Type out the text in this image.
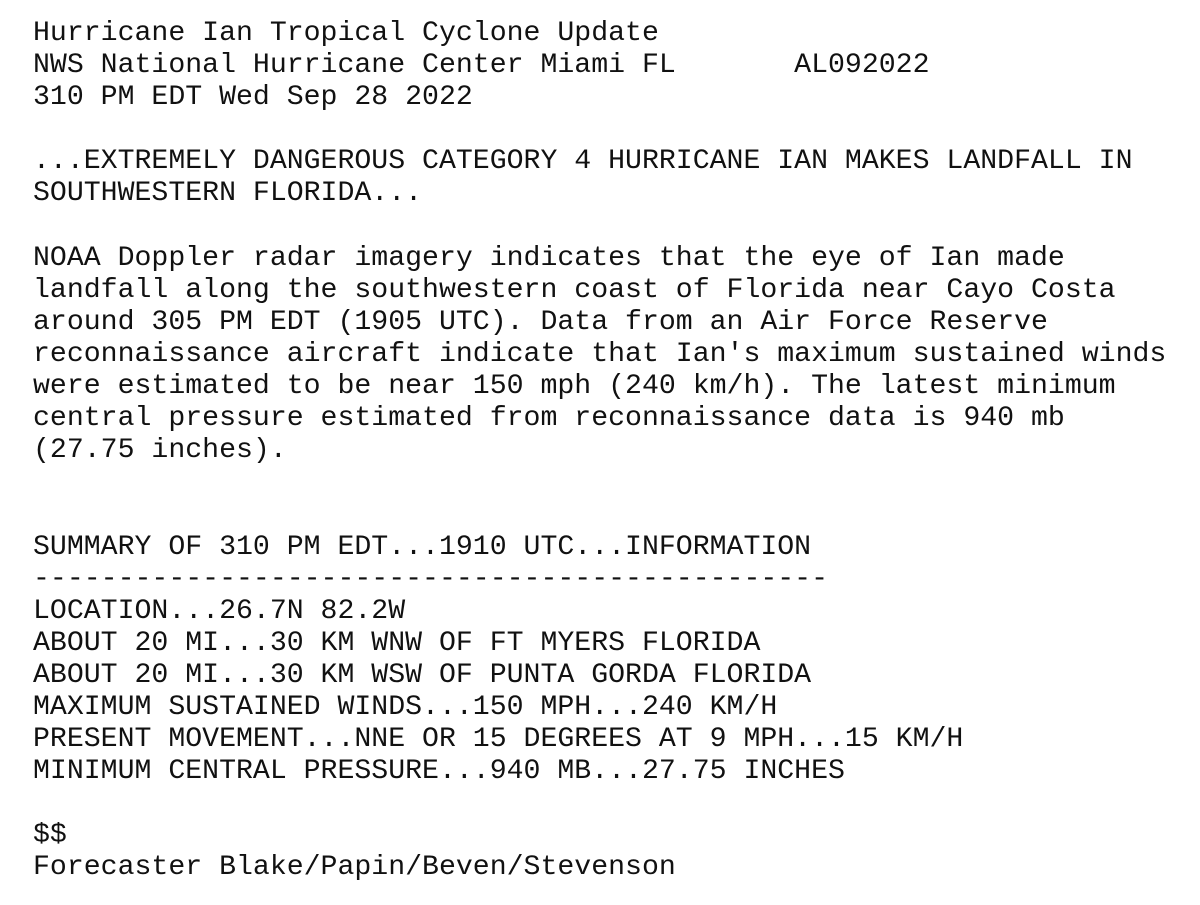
Hurricane Ian Tropical Cyclone Update
NWS National Hurricane Center Miami FL       AL092022
310 PM EDT Wed Sep 28 2022
...EXTREMELY DANGEROUS CATEGORY 4 HURRICANE IAN MAKES LANDFALL IN
SOUTHWESTERN FLORIDA...
NOAA Doppler radar imagery indicates that the eye of Ian made
landfall along the southwestern coast of Florida near Cayo Costa
around 305 PM EDT (1905 UTC). Data from an Air Force Reserve
reconnaissance aircraft indicate that Ian's maximum sustained winds
were estimated to be near 150 mph (240 km/h). The latest minimum
central pressure estimated from reconnaissance data is 940 mb
(27.75 inches).
SUMMARY OF 310 PM EDT...1910 UTC...INFORMATION
-----------------------------------------------
LOCATION...26.7N 82.2W
ABOUT 20 MI...30 KM WNW OF FT MYERS FLORIDA
ABOUT 20 MI...30 KM WSW OF PUNTA GORDA FLORIDA
MAXIMUM SUSTAINED WINDS...150 MPH...240 KM/H
PRESENT MOVEMENT...NNE OR 15 DEGREES AT 9 MPH...15 KM/H
MINIMUM CENTRAL PRESSURE...940 MB...27.75 INCHES
$$
Forecaster Blake/Papin/Beven/Stevenson
